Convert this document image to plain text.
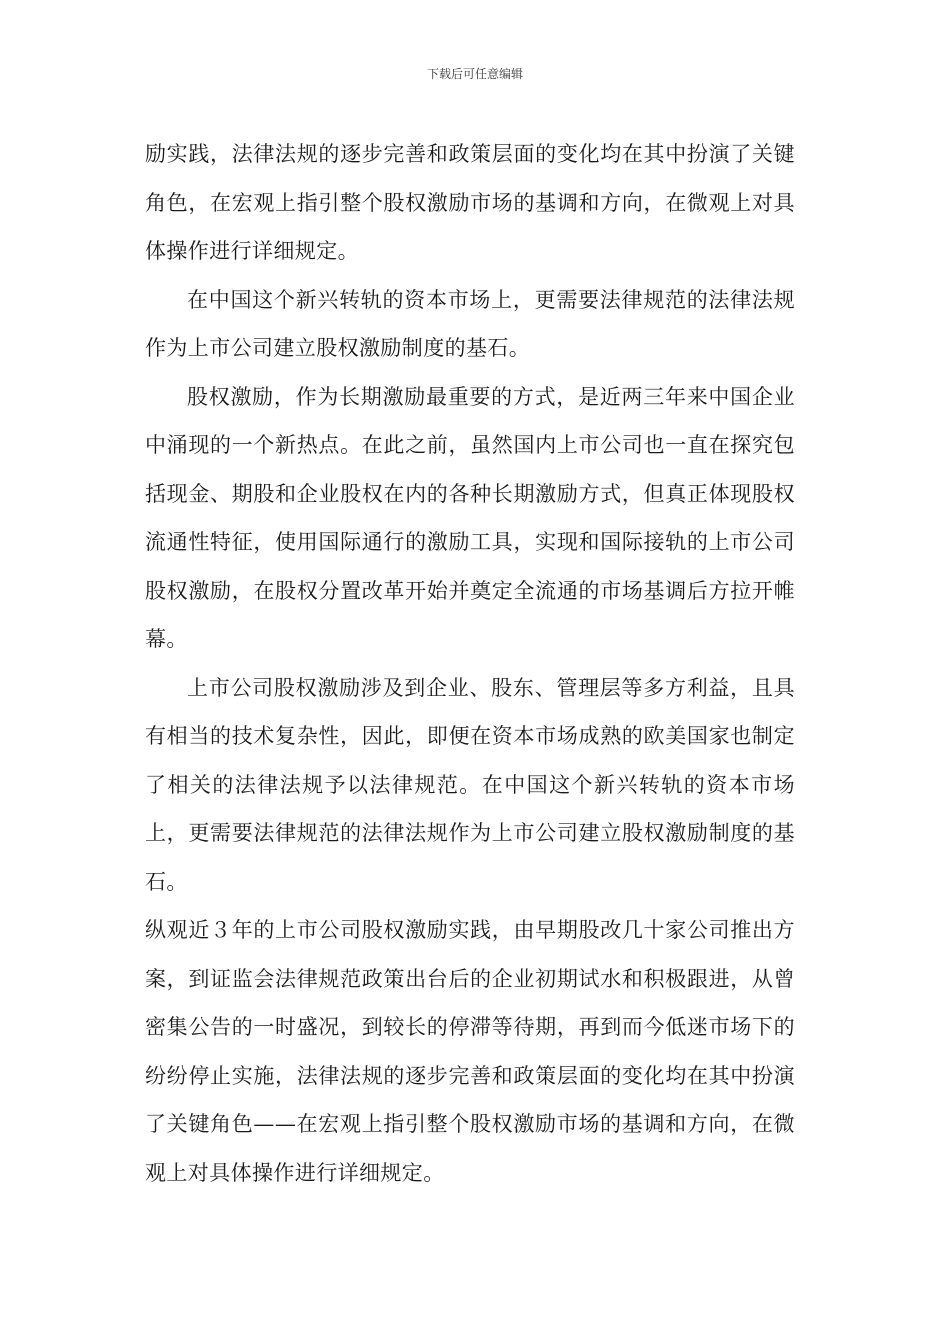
下载后可任意编辑

励实践，法律法规的逐步完善和政策层面的变化均在其中扮演了关键角色，在宏观上指引整个股权激励市场的基调和方向，在微观上对具体操作进行详细规定。

在中国这个新兴转轨的资本市场上，更需要法律规范的法律法规作为上市公司建立股权激励制度的基石。

股权激励，作为长期激励最重要的方式，是近两三年来中国企业中涌现的一个新热点。在此之前，虽然国内上市公司也一直在探究包括现金、期股和企业股权在内的各种长期激励方式，但真正体现股权流通性特征，使用国际通行的激励工具，实现和国际接轨的上市公司股权激励，在股权分置改革开始并奠定全流通的市场基调后方拉开帷幕。

上市公司股权激励涉及到企业、股东、管理层等多方利益，且具有相当的技术复杂性，因此，即便在资本市场成熟的欧美国家也制定了相关的法律法规予以法律规范。在中国这个新兴转轨的资本市场上，更需要法律规范的法律法规作为上市公司建立股权激励制度的基石。

纵观近３年的上市公司股权激励实践，由早期股改几十家公司推出方案，到证监会法律规范政策出台后的企业初期试水和积极跟进，从曾密集公告的一时盛况，到较长的停滞等待期，再到而今低迷市场下的纷纷停止实施，法律法规的逐步完善和政策层面的变化均在其中扮演了关键角色——在宏观上指引整个股权激励市场的基调和方向，在微观上对具体操作进行详细规定。
